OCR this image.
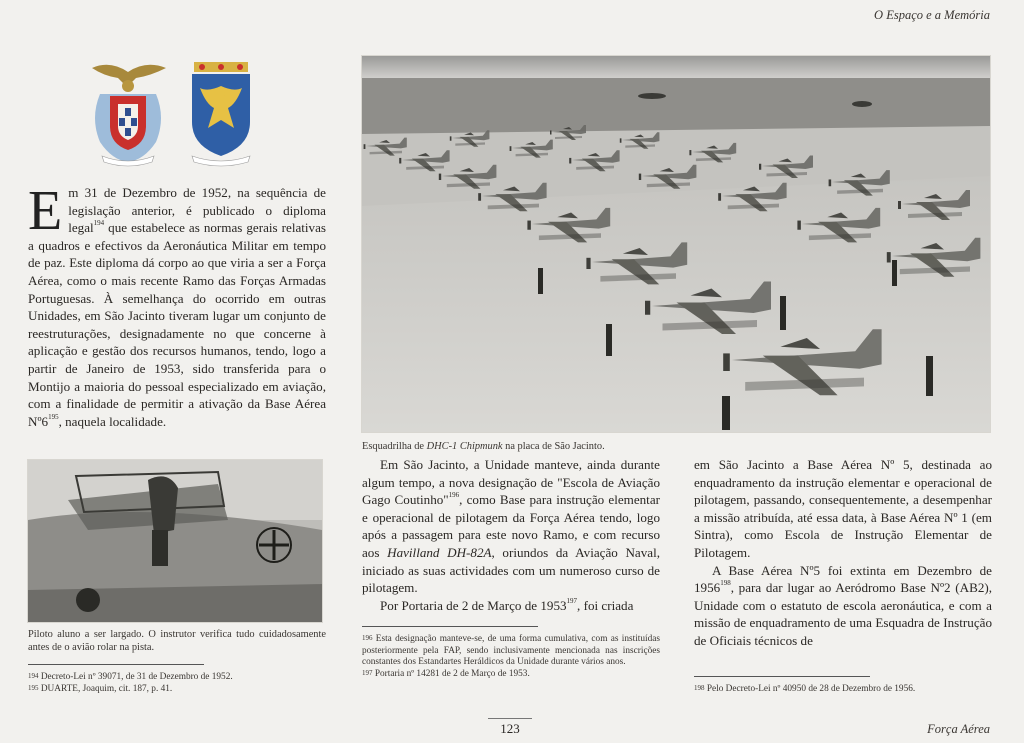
O Espaço e a Memória

Em 31 de Dezembro de 1952, na sequência de legislação anterior, é publicado o diploma legal$^{194}$ que estabelece as normas gerais relativas a quadros e efectivos da Aeronáutica Militar em tempo de paz. Este diploma dá corpo ao que viria a ser a Força Aérea, como o mais recente Ramo das Forças Armadas Portuguesas. À semelhança do ocorrido em outras Unidades, em São Jacinto tiveram lugar um conjunto de reestruturações, designadamente no que concerne à aplicação e gestão dos recursos humanos, tendo, logo a partir de Janeiro de 1953, sido transferida para o Montijo a maioria do pessoal especializado em aviação, com a finalidade de permitir a ativação da Base Aérea $Nº6^{195}$, naquela localidade.

Esquadrilha de DHC-1 Chipmunk na placa de São Jacinto.
Piloto aluno a ser largado. O instrutor verifica tudo cuidadosamente antes de o avião rolar na pista.

Em São Jacinto, a Unidade manteve, ainda durante algum tempo, a nova designação de "Escola de Aviação Gago Coutinho"$^{196}$, como Base para instrução elementar e operacional de pilotagem da Força Aérea tendo, logo após a passagem para este novo Ramo, e com recurso aos Havilland DH-82A, oriundos da Aviação Naval, iniciado as suas actividades com um numeroso curso de pilotagem.

Por Portaria de 2 de Março de 1953$^{197}$, foi criada

em São Jacinto a Base Aérea Nº 5, destinada ao enquadramento da instrução elementar e operacional de pilotagem, passando, consequentemente, a desempenhar a missão atribuída, até essa data, à Base Aérea Nº 1 (em Sintra), como Escola de Instrução Elementar de Pilotagem.

A Base Aérea Nº5 foi extinta em Dezembro de 1956$^{198}$, para dar lugar ao Aeródromo Base Nº2 (AB2), Unidade com o estatuto de escola aeronáutica, e com a missão de enquadramento de uma Esquadra de Instrução de Oficiais técnicos de

$^{194}$ Decreto-Lei nº 39071, de 31 de Dezembro de 1952.

$^{195}$ DUARTE, Joaquim, cit. 187, p. 41.

$^{196}$ Esta designação manteve-se, de uma forma cumulativa, com as instituídas posteriormente pela FAP, sendo inclusivamente mencionada nas inscrições constantes dos Estandartes Heráldicos da Unidade durante vários anos.

$^{197}$ Portaria nº 14281 de 2 de Março de 1953.

$^{198}$ Pelo Decreto-Lei nº 40950 de 28 de Dezembro de 1956.

123	Força Aérea
